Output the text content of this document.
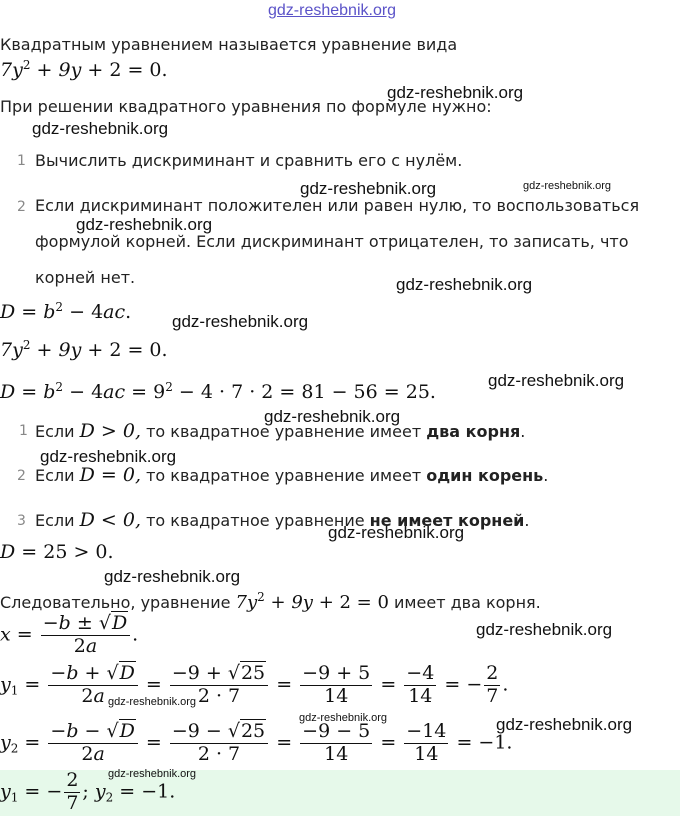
gdz-reshebnik.org
Квадратным уравнением называется уравнение вида
$7y^2 + 9y + 2 = 0$.
При решении квадратного уравнения по формуле нужно:
1 Вычислить дискриминант и сравнить его с нулём.
2 Если дискриминант положителен или равен нулю, то воспользоваться
формулой корней. Если дискриминант отрицателен, то записать, что
корней нет.
$D = b^2 - 4ac$.
$7y^2 + 9y + 2 = 0$.
$D = b^2 - 4ac = 9^2 - 4 \cdot 7 \cdot 2 = 81 - 56 = 25$.
1 Если D > 0, то квадратное уравнение имеет два корня.
2 Если D = 0, то квадратное уравнение имеет один корень.
3 Если D < 0, то квадратное уравнение не имеет корней.
D = 25 > 0.
Следовательно, уравнение $7y^2 + 9y + 2 = 0$ имеет два корня.
$x = \frac{-b \pm √D}{2a}$ .
$y_1 = \frac{-b + √D}{2a} = \frac{-9 + √25}{2 \cdot 7} = \frac{-9 + 5}{14} = \frac{-4}{14}$ = − $\frac{2}{7}$ .
$y_2 = \frac{-b - √D}{2a} = \frac{-9 - √25}{2 \cdot 7} = \frac{-9 - 5}{14} = \frac{-14}{14} = -1$.
$y_1$ = − $\frac{2}{7}$ ; $y_2 = -1$.
gdz-reshebnik.org
gdz-reshebnik.org
gdz-reshebnik.org	gdz-reshebnik.org
gdz-reshebnik.org
gdz-reshebnik.org
gdz-reshebnik.org
gdz-reshebnik.org
gdz-reshebnik.org
gdz-reshebnik.org
gdz-reshebnik.org
gdz-reshebnik.org
gdz-reshebnik.org
gdz-reshebnik.org
gdz-reshebnik.org	gdz-reshebnik.org
gdz-reshebnik.org
